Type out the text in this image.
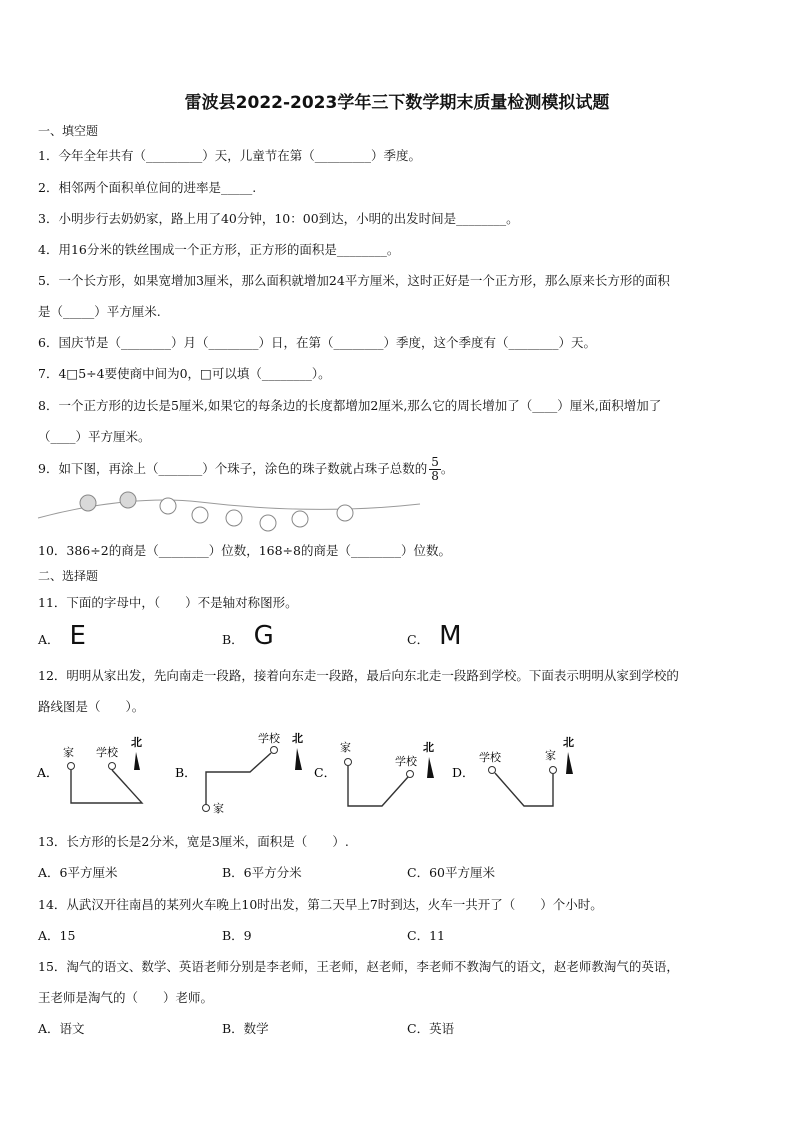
雷波县2022-2023学年三下数学期末质量检测模拟试题
一、填空题
1．今年全年共有（_________）天，儿童节在第（_________）季度。
2．相邻两个面积单位间的进率是_____.
3．小明步行去奶奶家，路上用了40分钟，10：00到达，小明的出发时间是________。
4．用16分米的铁丝围成一个正方形，正方形的面积是________。
5．一个长方形，如果宽增加3厘米，那么面积就增加24平方厘米，这时正好是一个正方形，那么原来长方形的面积
是（_____）平方厘米.
6．国庆节是（________）月（________）日，在第（________）季度，这个季度有（________）天。
7．4□5÷4要使商中间为0，□可以填（________）。
8．一个正方形的边长是5厘米,如果它的每条边的长度都增加2厘米,那么它的周长增加了（____）厘米,面积增加了
（____）平方厘米。
9．如下图，再涂上（_______）个珠子，涂色的珠子数就占珠子总数的 $\frac{5}{8}$ 。
10．386÷2的商是（________）位数，168÷8的商是（________）位数。
二、选择题
11．下面的字母中，（　　）不是轴对称图形。
A． E	B． G	C． M
12．明明从家出发，先向南走一段路，接着向东走一段路，最后向东北走一段路到学校。下面表示明明从家到学校的
路线图是（　　）。
A．
家 学校
北
B．
学校 北
家
C．
家
学校
北
D．
学校	家
北
13．长方形的长是2分米，宽是3厘米，面积是（　　）.
A．6平方厘米	B．6平方分米	C．60平方厘米
14．从武汉开往南昌的某列火车晚上10时出发，第二天早上7时到达，火车一共开了（　　）个小时。
A．15	B．9	C．11
15．淘气的语文、数学、英语老师分别是李老师，王老师，赵老师，李老师不教淘气的语文，赵老师教淘气的英语，
王老师是淘气的（　　）老师。
A．语文	B．数学	C．英语
